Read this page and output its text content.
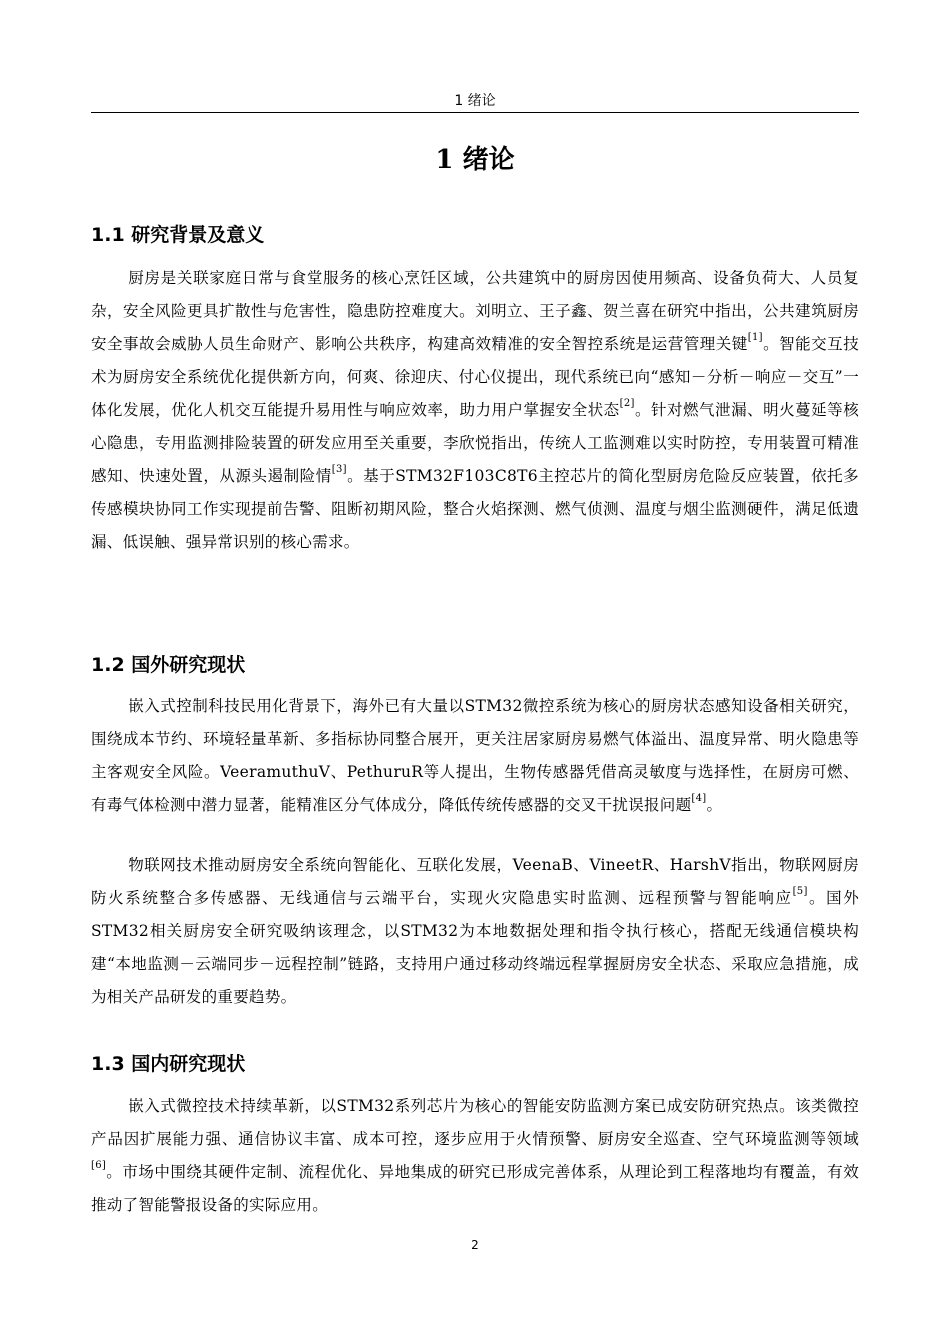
1 绪论
1 绪论
1.1 研究背景及意义

厨房是关联家庭日常与食堂服务的核心烹饪区域，公共建筑中的厨房因使用频高、设备负荷大、人员复杂，安全风险更具扩散性与危害性，隐患防控难度大。刘明立、王子鑫、贺兰喜在研究中指出，公共建筑厨房安全事故会威胁人员生命财产、影响公共秩序，构建高效精准的安全智控系统是运营管理关键[1]。智能交互技术为厨房安全系统优化提供新方向，何爽、徐迎庆、付心仪提出，现代系统已向“感知－分析－响应－交互”一体化发展，优化人机交互能提升易用性与响应效率，助力用户掌握安全状态[2]。针对燃气泄漏、明火蔓延等核心隐患，专用监测排险装置的研发应用至关重要，李欣悦指出，传统人工监测难以实时防控，专用装置可精准感知、快速处置，从源头遏制险情[3]。基于STM32F103C8T6主控芯片的简化型厨房危险反应装置，依托多传感模块协同工作实现提前告警、阻断初期风险，整合火焰探测、燃气侦测、温度与烟尘监测硬件，满足低遗漏、低误触、强异常识别的核心需求。

1.2 国外研究现状

嵌入式控制科技民用化背景下，海外已有大量以STM32微控系统为核心的厨房状态感知设备相关研究，围绕成本节约、环境轻量革新、多指标协同整合展开，更关注居家厨房易燃气体溢出、温度异常、明火隐患等主客观安全风险。VeeramuthuV、PethuruR等人提出，生物传感器凭借高灵敏度与选择性，在厨房可燃、有毒气体检测中潜力显著，能精准区分气体成分，降低传统传感器的交叉干扰误报问题[4]。

物联网技术推动厨房安全系统向智能化、互联化发展，VeenaB、VineetR、HarshV指出，物联网厨房防火系统整合多传感器、无线通信与云端平台，实现火灾隐患实时监测、远程预警与智能响应[5]。国外STM32相关厨房安全研究吸纳该理念，以STM32为本地数据处理和指令执行核心，搭配无线通信模块构建“本地监测－云端同步－远程控制”链路，支持用户通过移动终端远程掌握厨房安全状态、采取应急措施，成为相关产品研发的重要趋势。

1.3 国内研究现状

嵌入式微控技术持续革新，以STM32系列芯片为核心的智能安防监测方案已成安防研究热点。该类微控产品因扩展能力强、通信协议丰富、成本可控，逐步应用于火情预警、厨房安全巡查、空气环境监测等领域[6]。市场中围绕其硬件定制、流程优化、异地集成的研究已形成完善体系，从理论到工程落地均有覆盖，有效推动了智能警报设备的实际应用。

2
